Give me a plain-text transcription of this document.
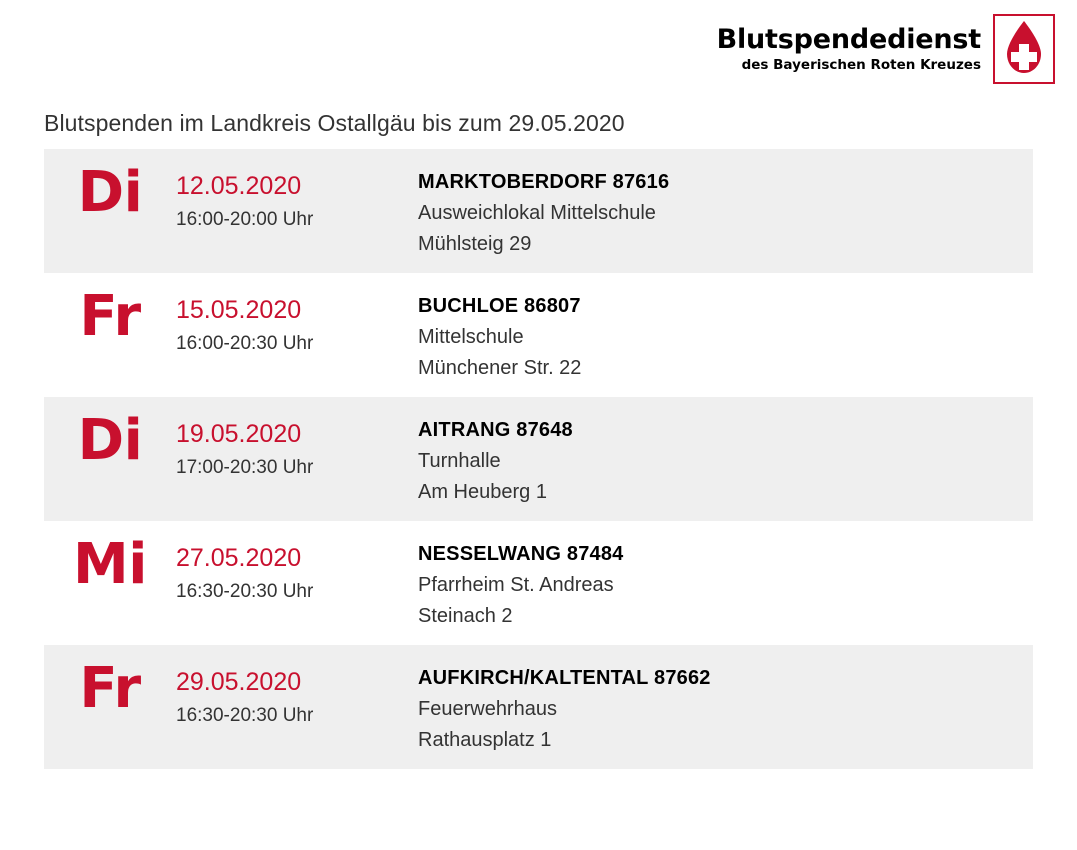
Blutspendedienst
des Bayerischen Roten Kreuzes
Blutspenden im Landkreis Ostallgäu bis zum 29.05.2020
Di	12.05.2020
16:00-20:00 Uhr
MARKTOBERDORF 87616
Ausweichlokal Mittelschule
Mühlsteig 29
Fr	15.05.2020
16:00-20:30 Uhr
BUCHLOE 86807
Mittelschule
Münchener Str. 22
Di	19.05.2020
17:00-20:30 Uhr
AITRANG 87648
Turnhalle
Am Heuberg 1
Mi	27.05.2020
16:30-20:30 Uhr
NESSELWANG 87484
Pfarrheim St. Andreas
Steinach 2
Fr	29.05.2020
16:30-20:30 Uhr
AUFKIRCH/KALTENTAL 87662
Feuerwehrhaus
Rathausplatz 1
